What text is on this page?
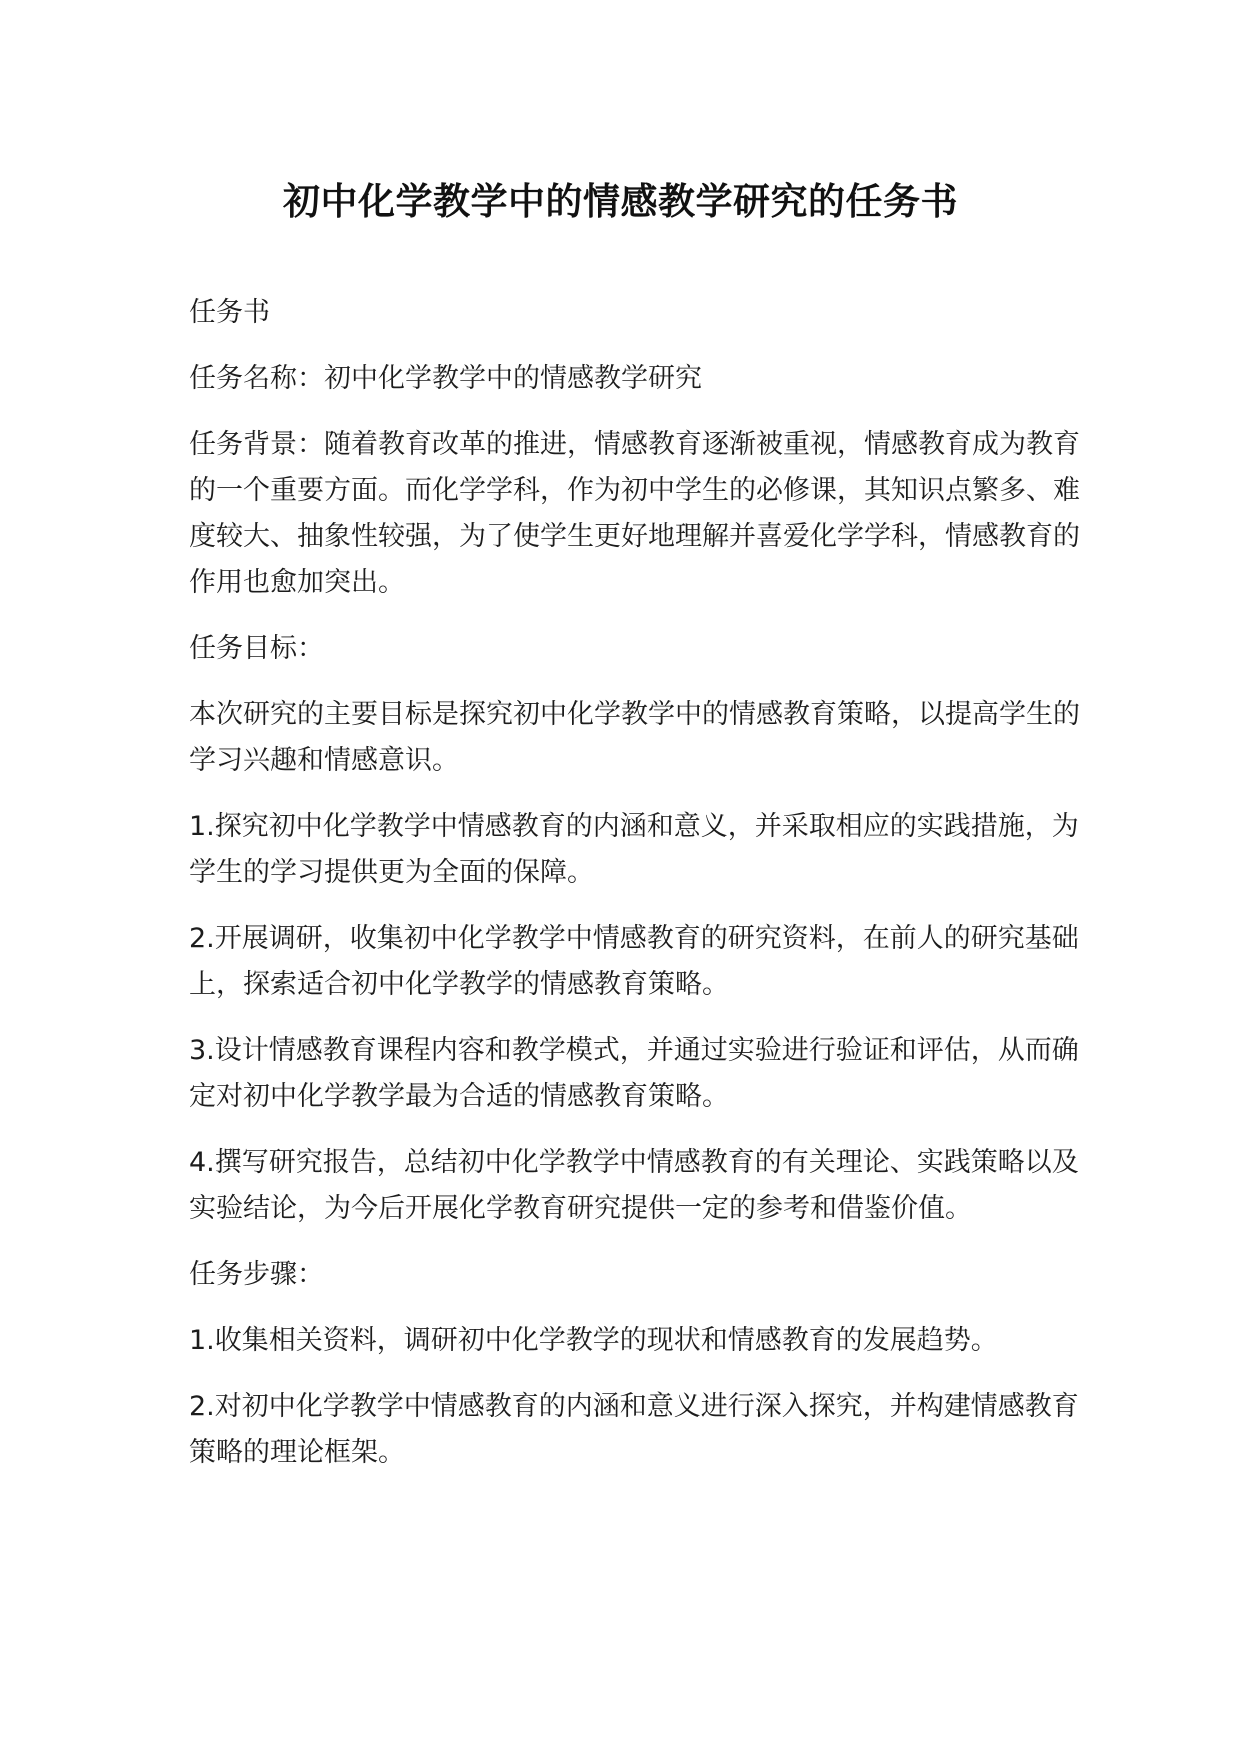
初中化学教学中的情感教学研究的任务书

任务书

任务名称：初中化学教学中的情感教学研究

任务背景：随着教育改革的推进，情感教育逐渐被重视，情感教育成为教育的一个重要方面。而化学学科，作为初中学生的必修课，其知识点繁多、难度较大、抽象性较强，为了使学生更好地理解并喜爱化学学科，情感教育的作用也愈加突出。

任务目标：

本次研究的主要目标是探究初中化学教学中的情感教育策略，以提高学生的学习兴趣和情感意识。

1.探究初中化学教学中情感教育的内涵和意义，并采取相应的实践措施，为学生的学习提供更为全面的保障。

2.开展调研，收集初中化学教学中情感教育的研究资料，在前人的研究基础上，探索适合初中化学教学的情感教育策略。

3.设计情感教育课程内容和教学模式，并通过实验进行验证和评估，从而确定对初中化学教学最为合适的情感教育策略。

4.撰写研究报告，总结初中化学教学中情感教育的有关理论、实践策略以及实验结论，为今后开展化学教育研究提供一定的参考和借鉴价值。

任务步骤：

1.收集相关资料，调研初中化学教学的现状和情感教育的发展趋势。

2.对初中化学教学中情感教育的内涵和意义进行深入探究，并构建情感教育策略的理论框架。
